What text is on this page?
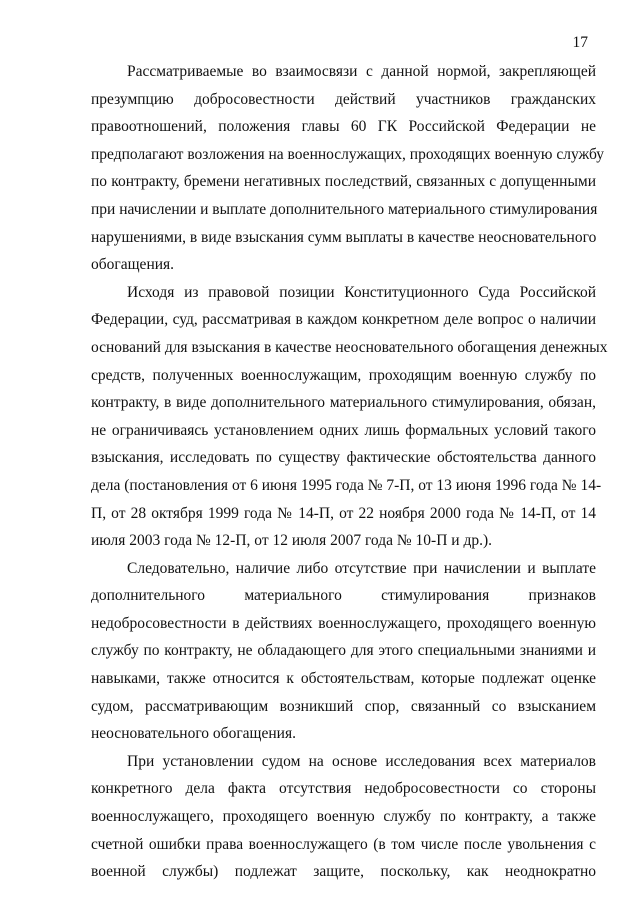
17

Рассматриваемые во взаимосвязи с данной нормой, закрепляющей
презумпцию добросовестности действий участников гражданских
правоотношений, положения главы 60 ГК Российской Федерации не
предполагают возложения на военнослужащих, проходящих военную службу
по контракту, бремени негативных последствий, связанных с допущенными
при начислении и выплате дополнительного материального стимулирования
нарушениями, в виде взыскания сумм выплаты в качестве неосновательного
обогащения.

Исходя из правовой позиции Конституционного Суда Российской
Федерации, суд, рассматривая в каждом конкретном деле вопрос о наличии
оснований для взыскания в качестве неосновательного обогащения денежных
средств, полученных военнослужащим, проходящим военную службу по
контракту, в виде дополнительного материального стимулирования, обязан,
не ограничиваясь установлением одних лишь формальных условий такого
взыскания, исследовать по существу фактические обстоятельства данного
дела (постановления от 6 июня 1995 года № 7-П, от 13 июня 1996 года № 14-
П, от 28 октября 1999 года № 14-П, от 22 ноября 2000 года № 14-П, от 14
июля 2003 года № 12-П, от 12 июля 2007 года № 10-П и др.).

Следовательно, наличие либо отсутствие при начислении и выплате
дополнительного материального стимулирования признаков
недобросовестности в действиях военнослужащего, проходящего военную
службу по контракту, не обладающего для этого специальными знаниями и
навыками, также относится к обстоятельствам, которые подлежат оценке
судом, рассматривающим возникший спор, связанный со взысканием
неосновательного обогащения.

При установлении судом на основе исследования всех материалов
конкретного дела факта отсутствия недобросовестности со стороны
военнослужащего, проходящего военную службу по контракту, а также
счетной ошибки права военнослужащего (в том числе после увольнения с
военной службы) подлежат защите, поскольку, как неоднократно
